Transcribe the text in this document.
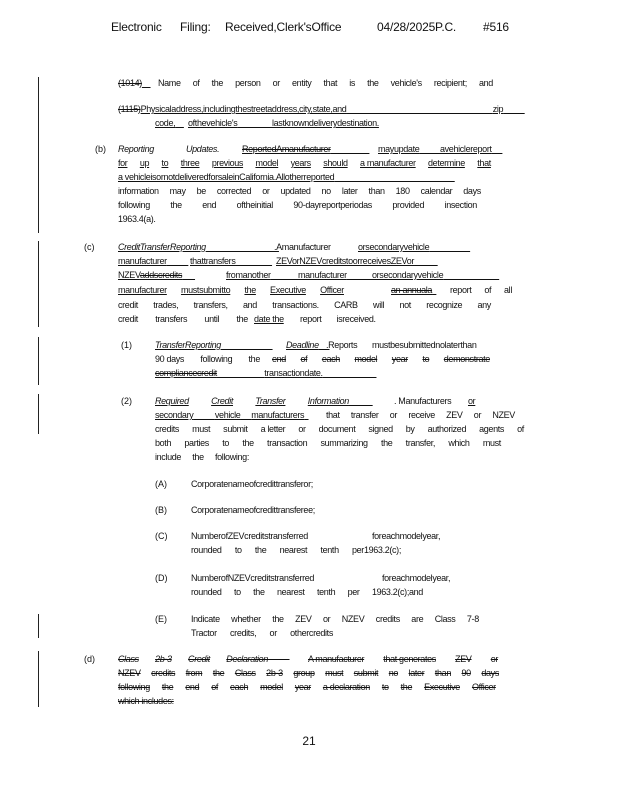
Electronic Filing: Received,Clerk'sOffice	04/28/2025P.C. #516
(1014)	Name of the person or entity that is the vehicle's recipient; and
(1115)Physicaladdress,includingthestreetaddress,city,state,and	zip
code,	ofthevehicle's	lastknowndeliverydestination.
(b) Reporting	Updates.	ReportedAmanufacturer	mayupdate	avehiclereport
for up to three previous model years should a manufacturer determine that
a vehicleisornotdeliveredforsaleinCalifornia.Allotherreported
information may be corrected or updated no later than 180 calendar days
following the end oftheinitial 90-dayreportperiodas provided insection
1963.4(a).
(c)	CreditTransferReporting	.Amanufacturer	orsecondaryvehicle
manufacturer	thattransfers	ZEVorNZEVcreditstoorreceivesZEVor
NZEVaddscredits	fromanother	manufacturer	orsecondaryvehicle
manufacturer mustsubmitto the Executive Officer	an annuala	report of all
credit trades, transfers, and transactions. CARB will not recognize any
credit transfers until the date the report isreceived.
(1)	TransferReporting	Deadline .Reports mustbesubmittednolaterthan
90 days following the end of each model year to demonstrate
compliancecredit	transactiondate.
(2)	Required Credit Transfer Information
	. Manufacturers or
secondary vehicle manufacturers	that transfer or receive ZEV or NZEV
credits must submit a letter or document signed by authorized agents of
both parties to the transaction summarizing the transfer, which must
include the following:
(A)	Corporatenameofcredittransferor;
(B)	Corporatenameofcredittransferee;
(C)	NumberofZEVcreditstransferred	foreachmodelyear,
rounded to the nearest tenth per1963.2(c);
(D)	NumberofNZEVcreditstransferred	foreachmodelyear,
rounded to the nearest tenth per 1963.2(c);and
(E)	Indicate whether the ZEV or NZEV credits are Class 7-8
Tractor credits, or othercredits
(d)	Class 2b-3 Credit Declaration
	A manufacturer that generates ZEV or
NZEV credits from the Class 2b-3 group must submit no later than 90 days
following the end of each model year a declaration to the Executive Officer
which includes:
21
